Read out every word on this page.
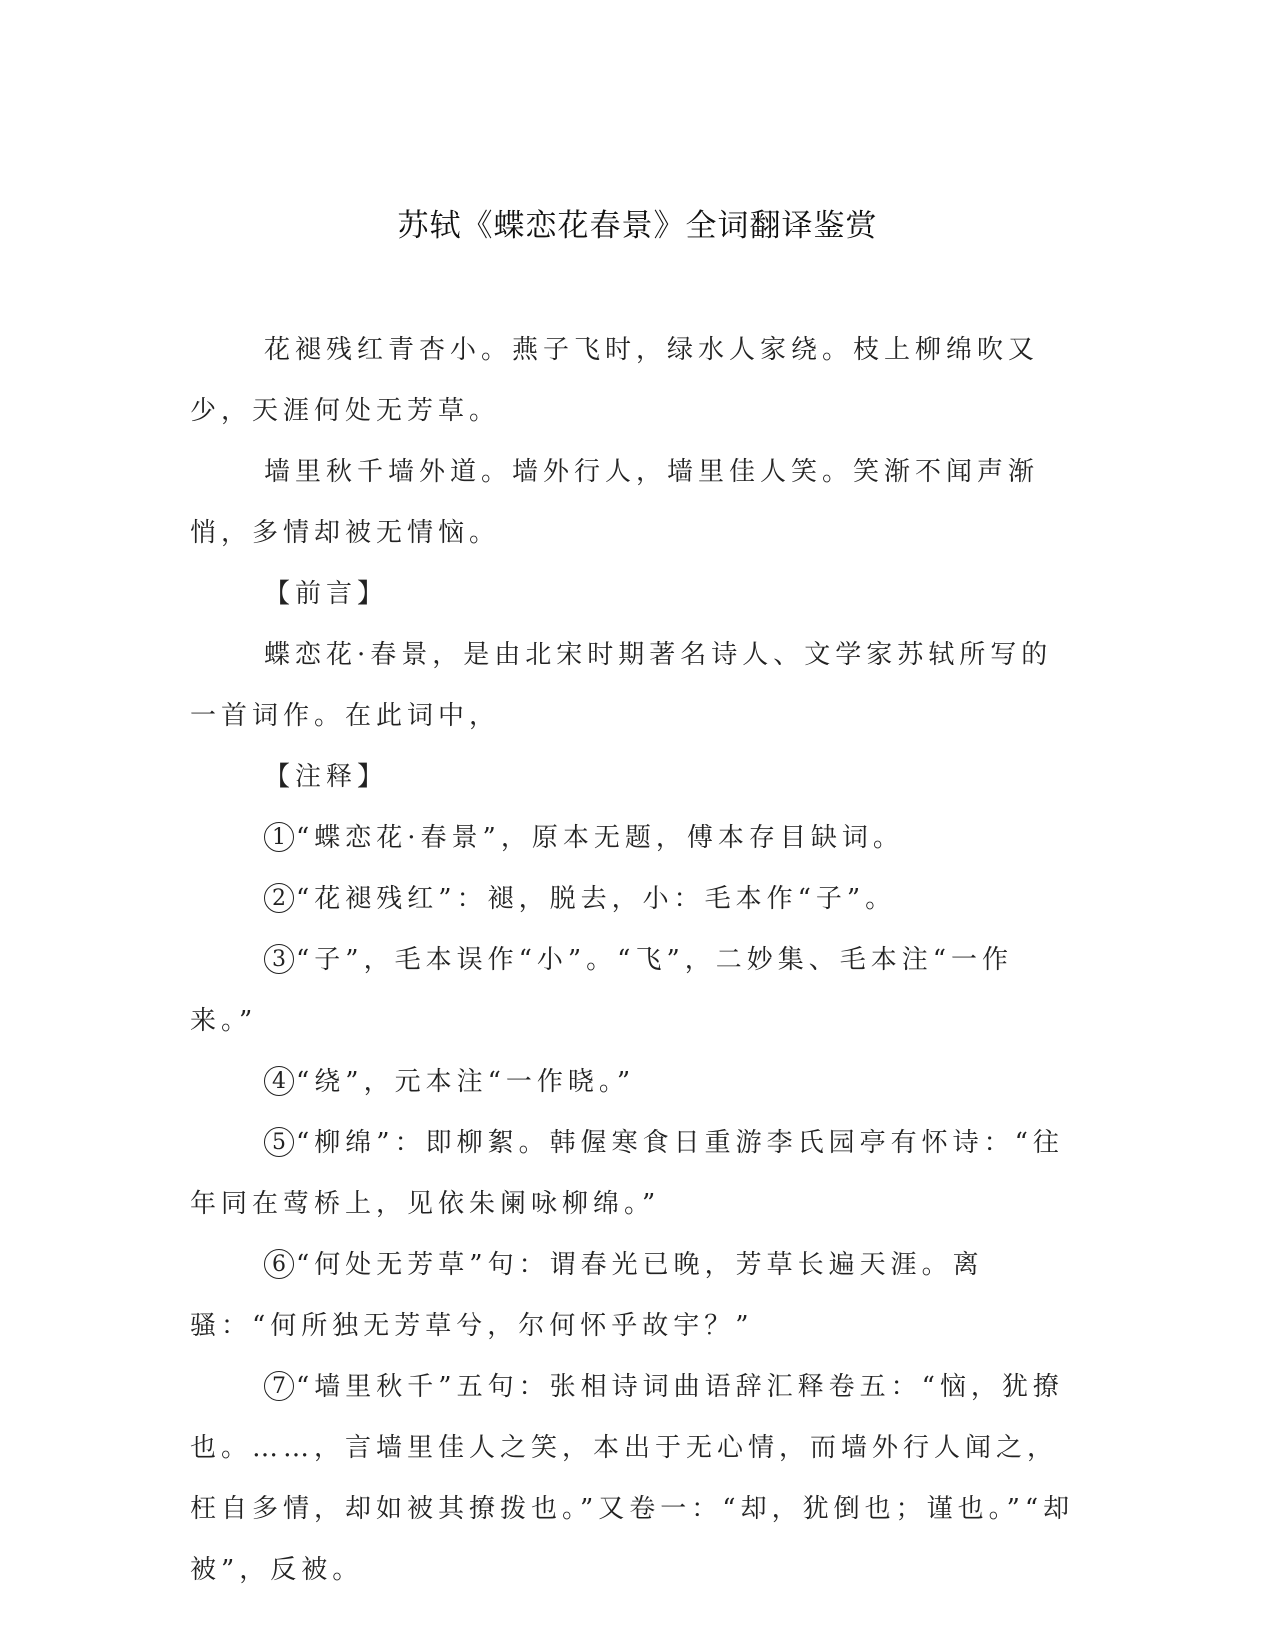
苏轼《蝶恋花春景》全词翻译鉴赏

花褪残红青杏小。燕子飞时，绿水人家绕。枝上柳绵吹又少，天涯何处无芳草。

墙里秋千墙外道。墙外行人，墙里佳人笑。笑渐不闻声渐悄，多情却被无情恼。

【前言】

蝶恋花·春景，是由北宋时期著名诗人、文学家苏轼所写的一首词作。在此词中，

【注释】

1 “蝶恋花·春景”，原本无题，傅本存目缺词。

2 “花褪残红”：褪，脱去，小：毛本作“子”。

3 “子”，毛本误作“小”。“飞”，二妙集、毛本注“一作来。”

4 “绕”，元本注“一作晓。”

5 “柳绵”：即柳絮。韩偓寒食日重游李氏园亭有怀诗：“往年同在莺桥上，见依朱阑咏柳绵。”

6 “何处无芳草”句：谓春光已晚，芳草长遍天涯。离骚：“何所独无芳草兮，尔何怀乎故宇？”

7 “墙里秋千”五句：张相诗词曲语辞汇释卷五：“恼，犹撩也。……，言墙里佳人之笑，本出于无心情，而墙外行人闻之，枉自多情，却如被其撩拨也。”又卷一：“却，犹倒也；谨也。”“却被”，反被。
